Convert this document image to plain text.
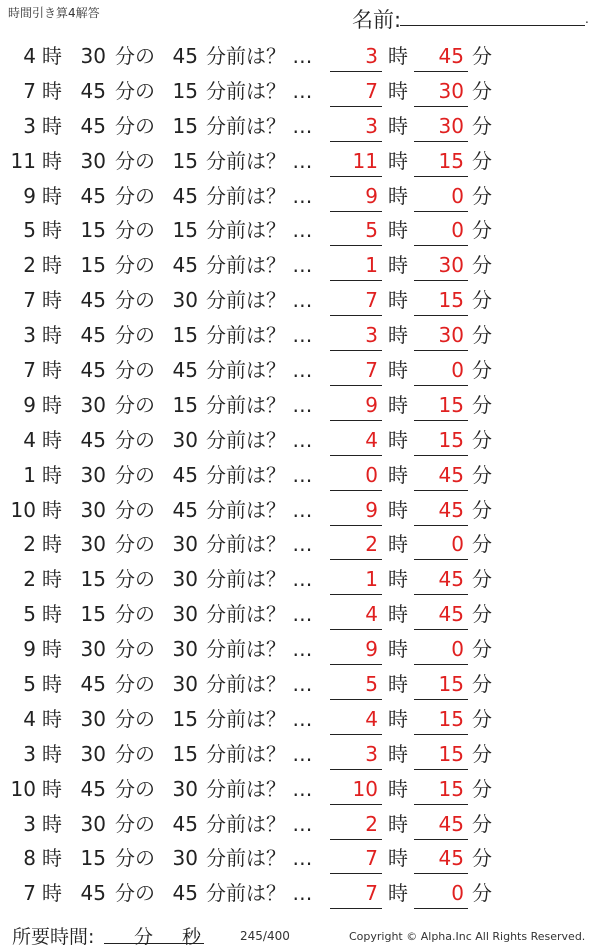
時間引き算4解答	名前:	.
4 時 30 分の 45 分前は？ …	3 時	45 分
7 時 45 分の 15 分前は？ …	7 時	30 分
3 時 45 分の 15 分前は？ …	3 時	30 分
11 時 30 分の 15 分前は？ …	11 時	15 分
9 時 45 分の 45 分前は？ …	9 時	0 分
5 時 15 分の 15 分前は？ …	5 時	0 分
2 時 15 分の 45 分前は？ …	1 時	30 分
7 時 45 分の 30 分前は？ …	7 時	15 分
3 時 45 分の 15 分前は？ …	3 時	30 分
7 時 45 分の 45 分前は？ …	7 時	0 分
9 時 30 分の 15 分前は？ …	9 時	15 分
4 時 45 分の 30 分前は？ …	4 時	15 分
1 時 30 分の 45 分前は？ …	0 時	45 分
10 時 30 分の 45 分前は？ …	9 時	45 分
2 時 30 分の 30 分前は？ …	2 時	0 分
2 時 15 分の 30 分前は？ …	1 時	45 分
5 時 15 分の 30 分前は？ …	4 時	45 分
9 時 30 分の 30 分前は？ …	9 時	0 分
5 時 45 分の 30 分前は？ …	5 時	15 分
4 時 30 分の 15 分前は？ …	4 時	15 分
3 時 30 分の 15 分前は？ …	3 時	15 分
10 時 45 分の 30 分前は？ …	10 時	15 分
3 時 30 分の 45 分前は？ …	2 時	45 分
8 時 15 分の 30 分前は？ …	7 時	45 分
7 時 45 分の 45 分前は？ …	7 時	0 分
所要時間: 分 秒	245/400	Copyright © Alpha.Inc All Rights Reserved.
